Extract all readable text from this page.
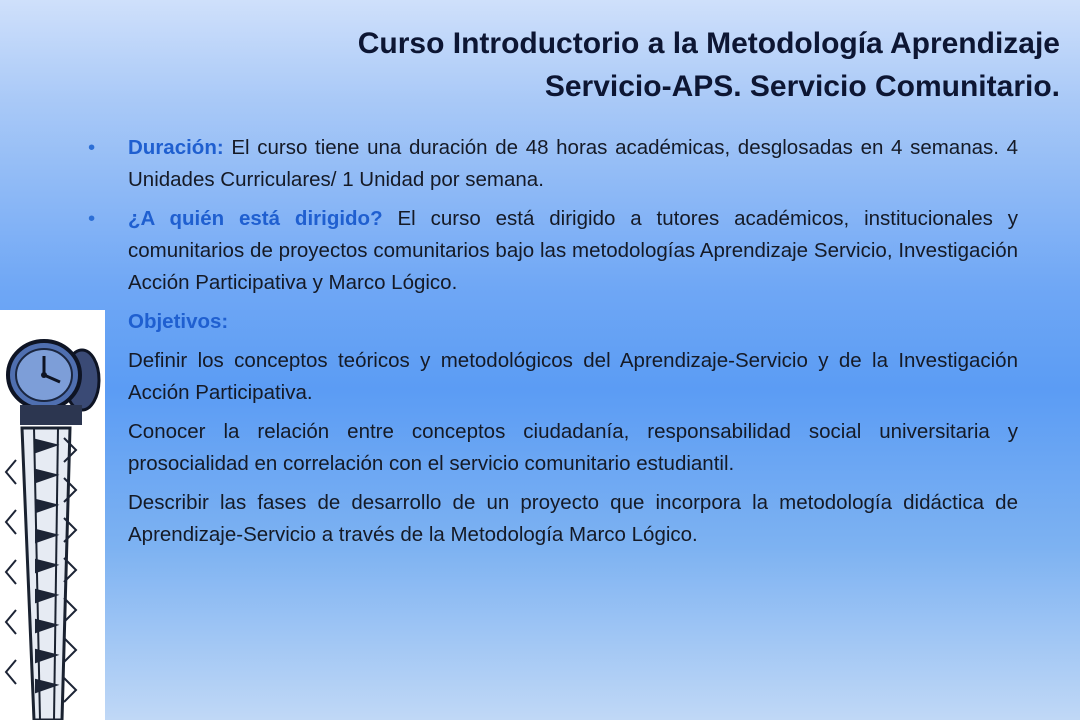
Curso Introductorio a la Metodología Aprendizaje
Servicio-APS. Servicio Comunitario.
• Duración: El curso tiene una duración de 48 horas académicas, desglosadas en 4 semanas. 4 Unidades Curriculares/ 1 Unidad por semana.
• ¿A quién está dirigido? El curso está dirigido a tutores académicos, institucionales y comunitarios de proyectos comunitarios bajo las metodologías Aprendizaje Servicio, Investigación Acción Participativa y Marco Lógico.
Objetivos:
Definir los conceptos teóricos y metodológicos del Aprendizaje-Servicio y de la Investigación Acción Participativa.
Conocer la relación entre conceptos ciudadanía, responsabilidad social universitaria y prosocialidad en correlación con el servicio comunitario estudiantil.
Describir las fases de desarrollo de un proyecto que incorpora la metodología didáctica de Aprendizaje-Servicio a través de la Metodología Marco Lógico.
